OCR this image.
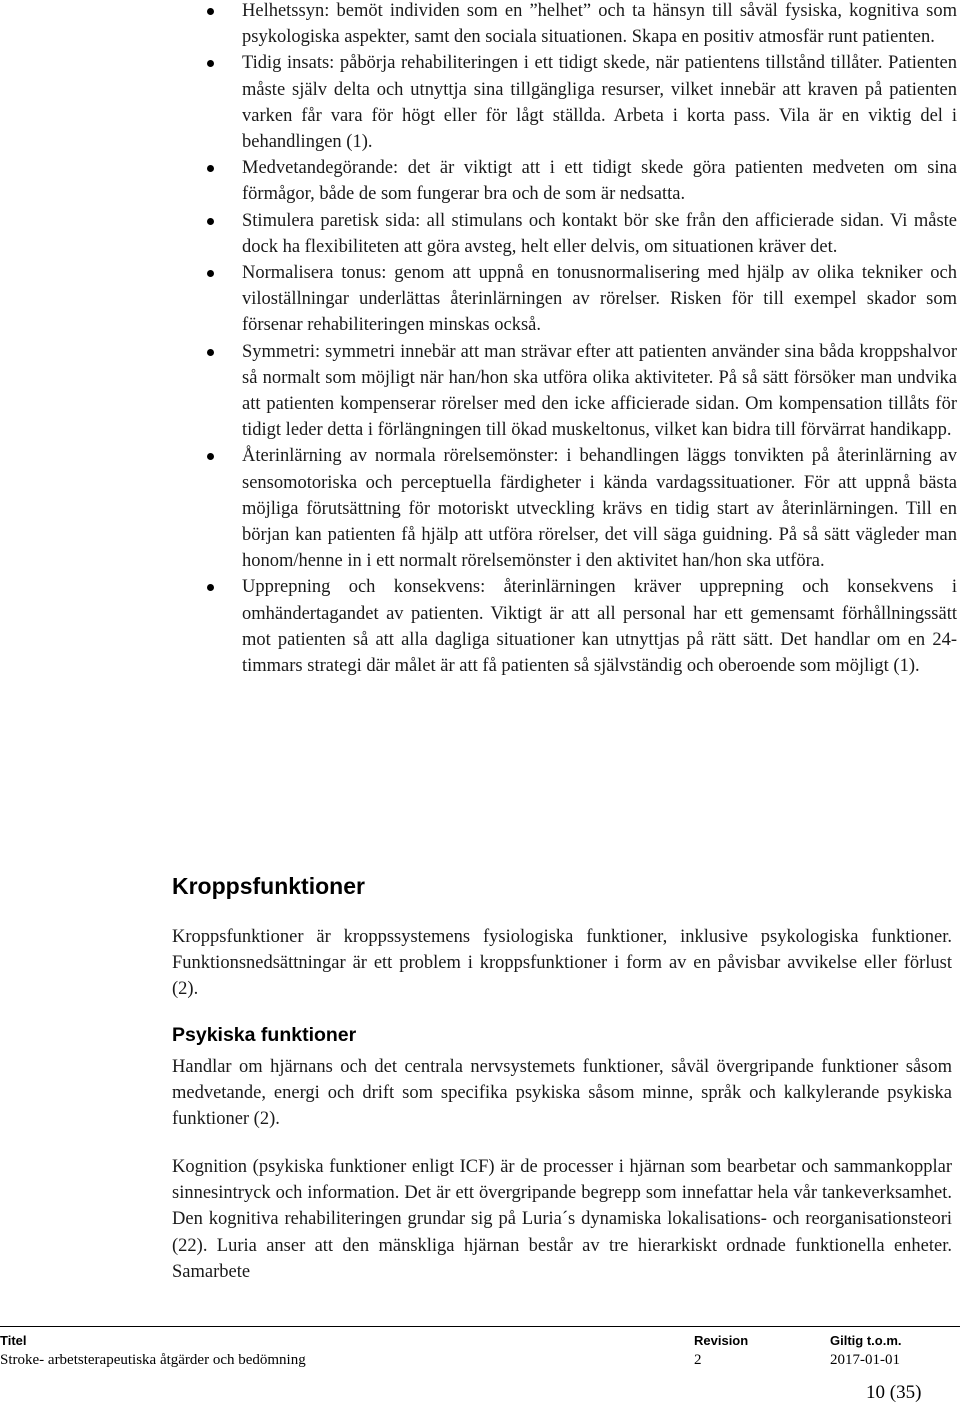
Helhetssyn: bemöt individen som en ”helhet” och ta hänsyn till såväl fysiska, kognitiva som psykologiska aspekter, samt den sociala situationen. Skapa en positiv atmosfär runt patienten.
Tidig insats: påbörja rehabiliteringen i ett tidigt skede, när patientens tillstånd tillåter. Patienten måste själv delta och utnyttja sina tillgängliga resurser, vilket innebär att kraven på patienten varken får vara för högt eller för lågt ställda. Arbeta i korta pass. Vila är en viktig del i behandlingen (1).
Medvetandegörande: det är viktigt att i ett tidigt skede göra patienten medveten om sina förmågor, både de som fungerar bra och de som är nedsatta.
Stimulera paretisk sida: all stimulans och kontakt bör ske från den afficierade sidan. Vi måste dock ha flexibiliteten att göra avsteg, helt eller delvis, om situationen kräver det.
Normalisera tonus: genom att uppnå en tonusnormalisering med hjälp av olika tekniker och viloställningar underlättas återinlärningen av rörelser. Risken för till exempel skador som försenar rehabiliteringen minskas också.
Symmetri: symmetri innebär att man strävar efter att patienten använder sina båda kroppshalvor så normalt som möjligt när han/hon ska utföra olika aktiviteter. På så sätt försöker man undvika att patienten kompenserar rörelser med den icke afficierade sidan. Om kompensation tillåts för tidigt leder detta i förlängningen till ökad muskeltonus, vilket kan bidra till förvärrat handikapp.
Återinlärning av normala rörelsemönster: i behandlingen läggs tonvikten på återinlärning av sensomotoriska och perceptuella färdigheter i kända vardagssituationer. För att uppnå bästa möjliga förutsättning för motoriskt utveckling krävs en tidig start av återinlärningen. Till en början kan patienten få hjälp att utföra rörelser, det vill säga guidning. På så sätt vägleder man honom/henne in i ett normalt rörelsemönster i den aktivitet han/hon ska utföra.
Upprepning och konsekvens: återinlärningen kräver upprepning och konsekvens i omhändertagandet av patienten. Viktigt är att all personal har ett gemensamt förhållningssätt mot patienten så att alla dagliga situationer kan utnyttjas på rätt sätt. Det handlar om en 24-timmars strategi där målet är att få patienten så självständig och oberoende som möjligt (1).
Kroppsfunktioner

Kroppsfunktioner är kroppssystemens fysiologiska funktioner, inklusive psykologiska funktioner. Funktionsnedsättningar är ett problem i kroppsfunktioner i form av en påvisbar avvikelse eller förlust (2).

Psykiska funktioner

Handlar om hjärnans och det centrala nervsystemets funktioner, såväl övergripande funktioner såsom medvetande, energi och drift som specifika psykiska såsom minne, språk och kalkylerande psykiska funktioner (2).

Kognition (psykiska funktioner enligt ICF) är de processer i hjärnan som bearbetar och sammankopplar sinnesintryck och information. Det är ett övergripande begrepp som innefattar hela vår tankeverksamhet. Den kognitiva rehabiliteringen grundar sig på Luria´s dynamiska lokalisations- och reorganisationsteori (22). Luria anser att den mänskliga hjärnan består av tre hierarkiskt ordnade funktionella enheter. Samarbete

Titel
Stroke- arbetsterapeutiska åtgärder och bedömning
Revision
2
Giltig t.o.m.
2017-01-01
10 (35)
